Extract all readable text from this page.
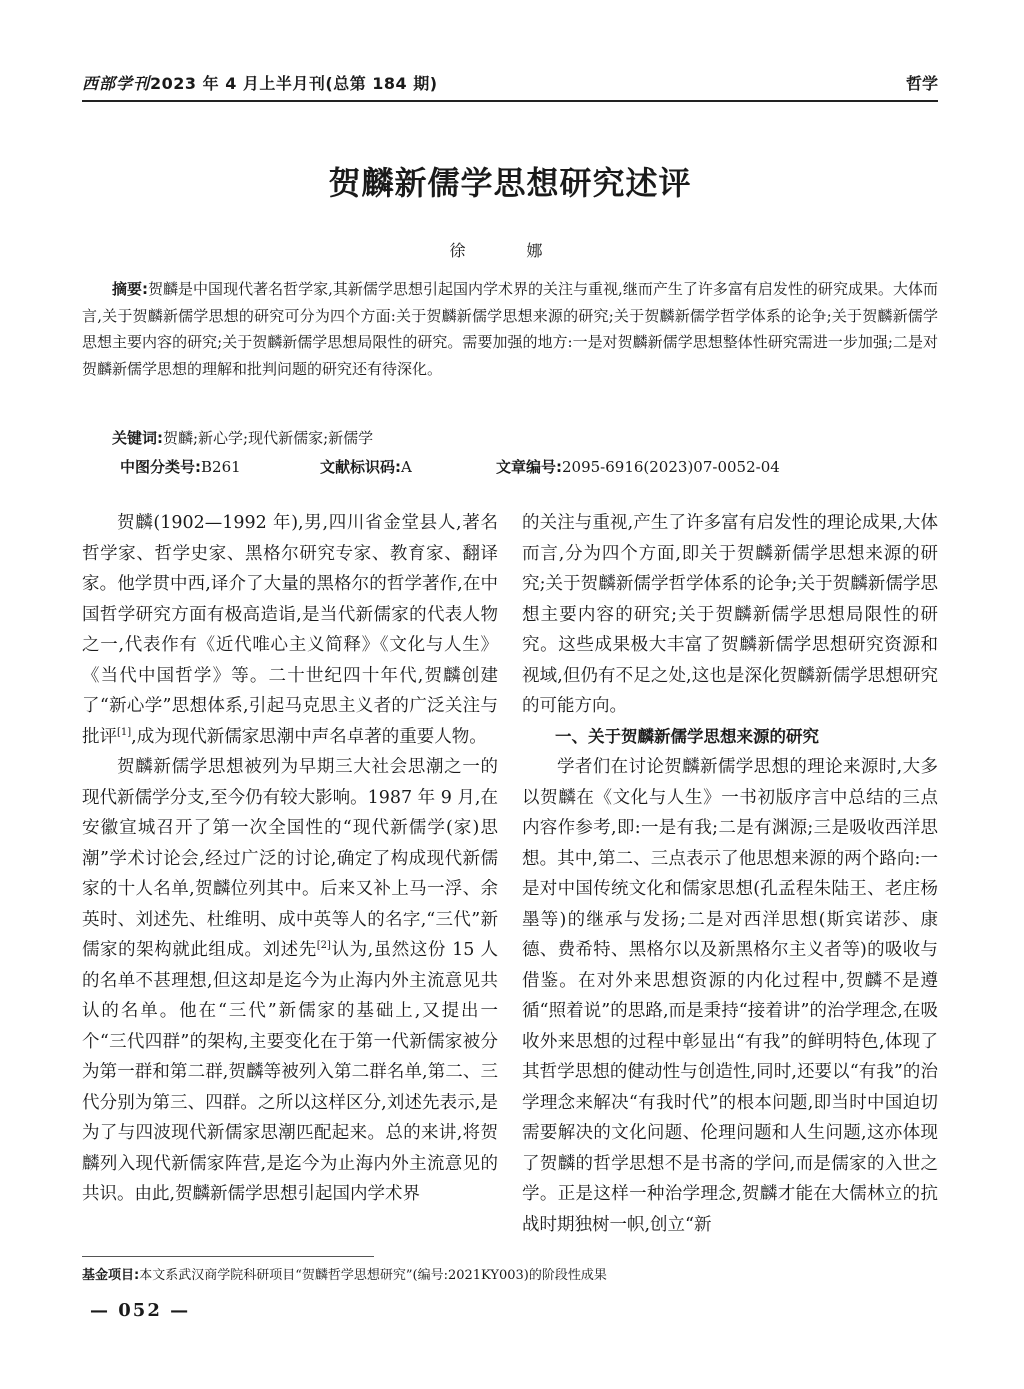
西部学刊2023 年 4 月上半月刊(总第 184 期)	哲学
贺麟新儒学思想研究述评
徐 娜
摘要:贺麟是中国现代著名哲学家,其新儒学思想引起国内学术界的关注与重视,继而产生了许多富有启发性的研究成果。大体而言,关于贺麟新儒学思想的研究可分为四个方面:关于贺麟新儒学思想来源的研究;关于贺麟新儒学哲学体系的论争;关于贺麟新儒学思想主要内容的研究;关于贺麟新儒学思想局限性的研究。需要加强的地方:一是对贺麟新儒学思想整体性研究需进一步加强;二是对贺麟新儒学思想的理解和批判问题的研究还有待深化。
关键词:贺麟;新心学;现代新儒家;新儒学
中图分类号:B261	文献标识码:A	文章编号:2095-6916(2023)07-0052-04

贺麟(1902—1992 年),男,四川省金堂县人,著名哲学家、哲学史家、黑格尔研究专家、教育家、翻译家。他学贯中西,译介了大量的黑格尔的哲学著作,在中国哲学研究方面有极高造诣,是当代新儒家的代表人物之一,代表作有《近代唯心主义简释》《文化与人生》《当代中国哲学》等。二十世纪四十年代,贺麟创建了“新心学”思想体系,引起马克思主义者的广泛关注与批评[1],成为现代新儒家思潮中声名卓著的重要人物。

贺麟新儒学思想被列为早期三大社会思潮之一的现代新儒学分支,至今仍有较大影响。1987 年 9 月,在安徽宣城召开了第一次全国性的“现代新儒学(家)思潮”学术讨论会,经过广泛的讨论,确定了构成现代新儒家的十人名单,贺麟位列其中。后来又补上马一浮、余英时、刘述先、杜维明、成中英等人的名字,“三代”新儒家的架构就此组成。刘述先[2]认为,虽然这份 15 人的名单不甚理想,但这却是迄今为止海内外主流意见共认的名单。他在“三代”新儒家的基础上,又提出一个“三代四群”的架构,主要变化在于第一代新儒家被分为第一群和第二群,贺麟等被列入第二群名单,第二、三代分别为第三、四群。之所以这样区分,刘述先表示,是为了与四波现代新儒家思潮匹配起来。总的来讲,将贺麟列入现代新儒家阵营,是迄今为止海内外主流意见的共识。由此,贺麟新儒学思想引起国内学术界

的关注与重视,产生了许多富有启发性的理论成果,大体而言,分为四个方面,即关于贺麟新儒学思想来源的研究;关于贺麟新儒学哲学体系的论争;关于贺麟新儒学思想主要内容的研究;关于贺麟新儒学思想局限性的研究。这些成果极大丰富了贺麟新儒学思想研究资源和视域,但仍有不足之处,这也是深化贺麟新儒学思想研究的可能方向。

一、关于贺麟新儒学思想来源的研究

学者们在讨论贺麟新儒学思想的理论来源时,大多以贺麟在《文化与人生》一书初版序言中总结的三点内容作参考,即:一是有我;二是有渊源;三是吸收西洋思想。其中,第二、三点表示了他思想来源的两个路向:一是对中国传统文化和儒家思想(孔孟程朱陆王、老庄杨墨等)的继承与发扬;二是对西洋思想(斯宾诺莎、康德、费希特、黑格尔以及新黑格尔主义者等)的吸收与借鉴。在对外来思想资源的内化过程中,贺麟不是遵循“照着说”的思路,而是秉持“接着讲”的治学理念,在吸收外来思想的过程中彰显出“有我”的鲜明特色,体现了其哲学思想的健动性与创造性,同时,还要以“有我”的治学理念来解决“有我时代”的根本问题,即当时中国迫切需要解决的文化问题、伦理问题和人生问题,这亦体现了贺麟的哲学思想不是书斋的学问,而是儒家的入世之学。正是这样一种治学理念,贺麟才能在大儒林立的抗战时期独树一帜,创立“新

基金项目:本文系武汉商学院科研项目“贺麟哲学思想研究”(编号:2021KY003)的阶段性成果
— 052 —
